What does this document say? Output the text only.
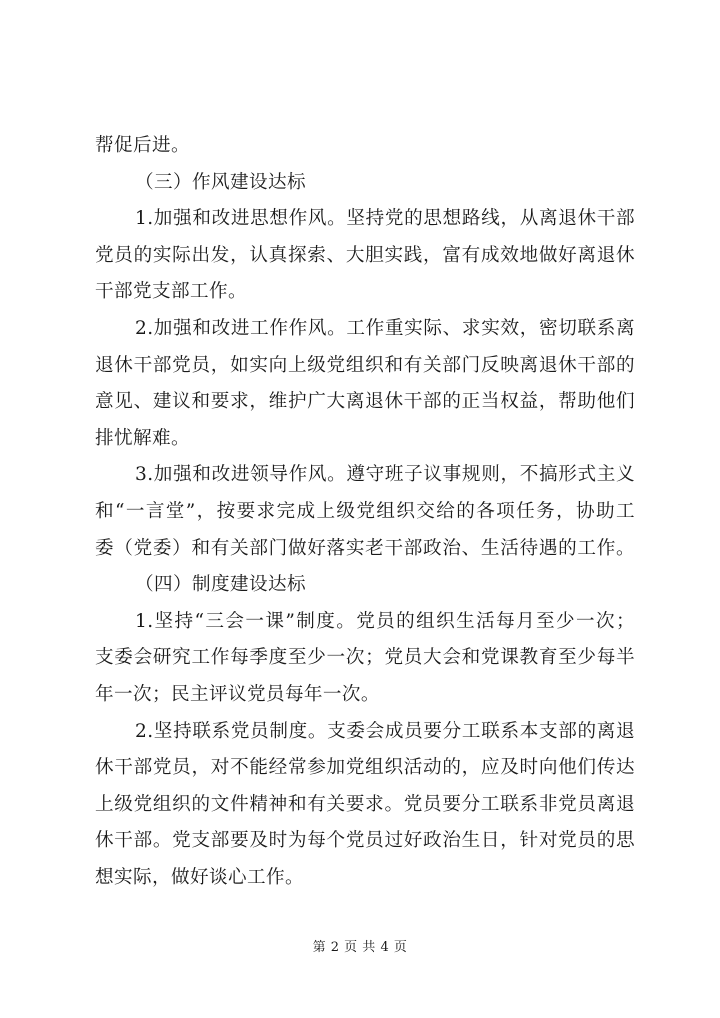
帮促后进。
（三）作风建设达标
1.加强和改进思想作风。坚持党的思想路线，从离退休干部
党员的实际出发，认真探索、大胆实践，富有成效地做好离退休
干部党支部工作。
2.加强和改进工作作风。工作重实际、求实效，密切联系离
退休干部党员，如实向上级党组织和有关部门反映离退休干部的
意见、建议和要求，维护广大离退休干部的正当权益，帮助他们
排忧解难。
3.加强和改进领导作风。遵守班子议事规则，不搞形式主义
和“一言堂”，按要求完成上级党组织交给的各项任务，协助工
委（党委）和有关部门做好落实老干部政治、生活待遇的工作。
（四）制度建设达标
1.坚持“三会一课”制度。党员的组织生活每月至少一次；
支委会研究工作每季度至少一次；党员大会和党课教育至少每半
年一次；民主评议党员每年一次。
2.坚持联系党员制度。支委会成员要分工联系本支部的离退
休干部党员，对不能经常参加党组织活动的，应及时向他们传达
上级党组织的文件精神和有关要求。党员要分工联系非党员离退
休干部。党支部要及时为每个党员过好政治生日，针对党员的思
想实际，做好谈心工作。
第 2 页 共 4 页
